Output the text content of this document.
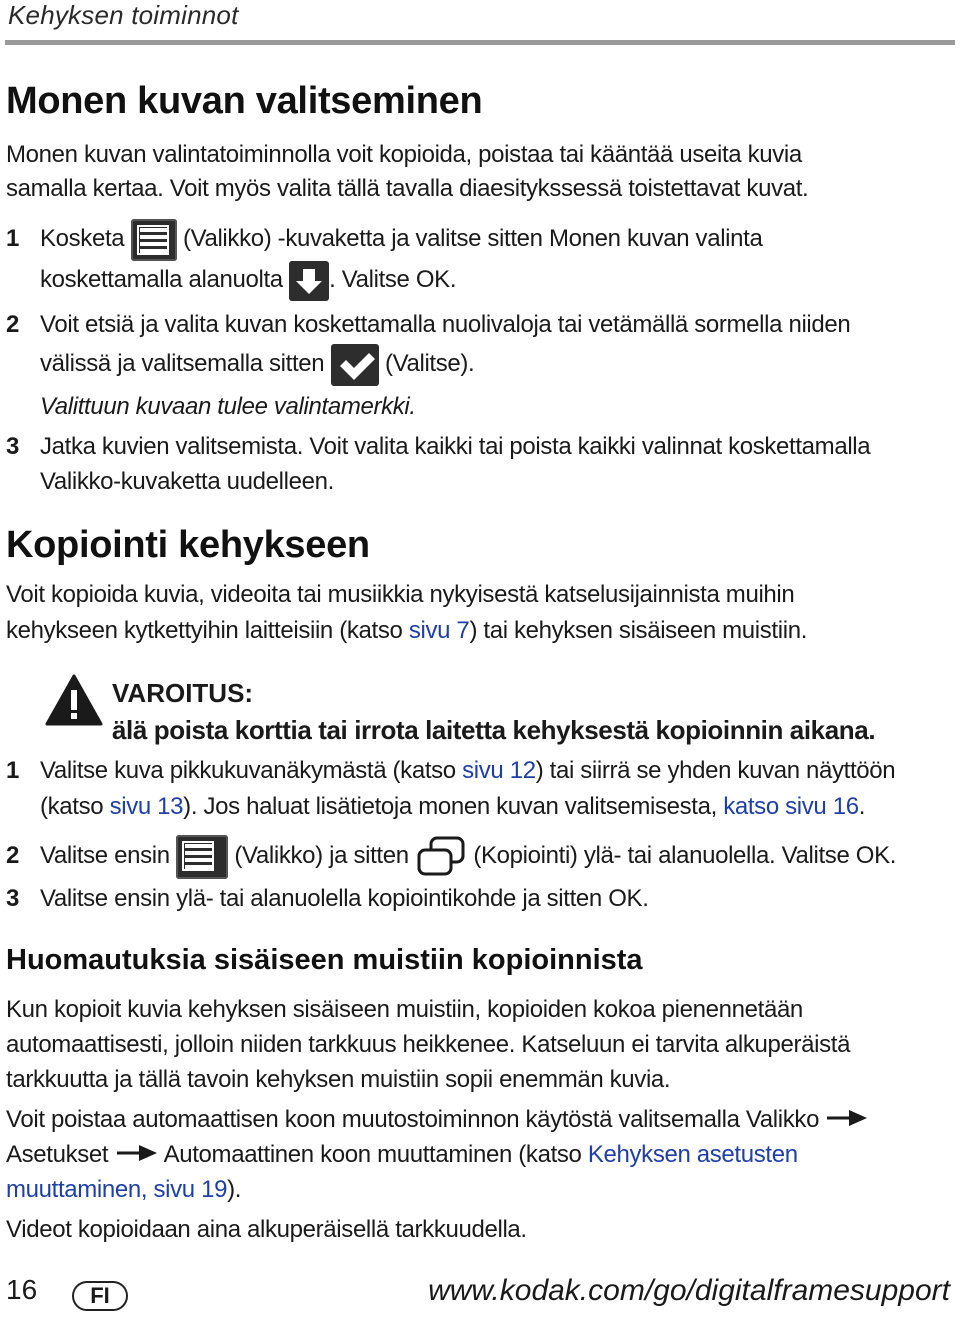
Kehyksen toiminnot
Monen kuvan valitseminen
Monen kuvan valintatoiminnolla voit kopioida, poistaa tai kääntää useita kuvia
samalla kertaa. Voit myös valita tällä tavalla diaesitykssessä toistettavat kuvat.
1 Kosketa (Valikko) -kuvaketta ja valitse sitten Monen kuvan valinta
koskettamalla alanuolta . Valitse OK.
2 Voit etsiä ja valita kuvan koskettamalla nuolivaloja tai vetämällä sormella niiden
välissä ja valitsemalla sitten	(Valitse).
Valittuun kuvaan tulee valintamerkki.
3 Jatka kuvien valitsemista. Voit valita kaikki tai poista kaikki valinnat koskettamalla
Valikko-kuvaketta uudelleen.
Kopiointi kehykseen
Voit kopioida kuvia, videoita tai musiikkia nykyisestä katselusijainnista muihin
kehykseen kytkettyihin laitteisiin (katso sivu 7) tai kehyksen sisäiseen muistiin.
VAROITUS:
älä poista korttia tai irrota laitetta kehyksestä kopioinnin aikana.
1 Valitse kuva pikkukuvanäkymästä (katso sivu 12) tai siirrä se yhden kuvan näyttöön
(katso sivu 13). Jos haluat lisätietoja monen kuvan valitsemisesta, katso sivu 16.
2 Valitse ensin	(Valikko) ja sitten	(Kopiointi) ylä- tai alanuolella. Valitse OK.
3 Valitse ensin ylä- tai alanuolella kopiointikohde ja sitten OK.
Huomautuksia sisäiseen muistiin kopioinnista
Kun kopioit kuvia kehyksen sisäiseen muistiin, kopioiden kokoa pienennetään
automaattisesti, jolloin niiden tarkkuus heikkenee. Katseluun ei tarvita alkuperäistä
tarkkuutta ja tällä tavoin kehyksen muistiin sopii enemmän kuvia.
Voit poistaa automaattisen koon muutostoiminnon käytöstä valitsemalla Valikko
Asetukset Automaattinen koon muuttaminen (katso Kehyksen asetusten
muuttaminen, sivu 19).
Videot kopioidaan aina alkuperäisellä tarkkuudella.
16	FI	www.kodak.com/go/digitalframesupport
